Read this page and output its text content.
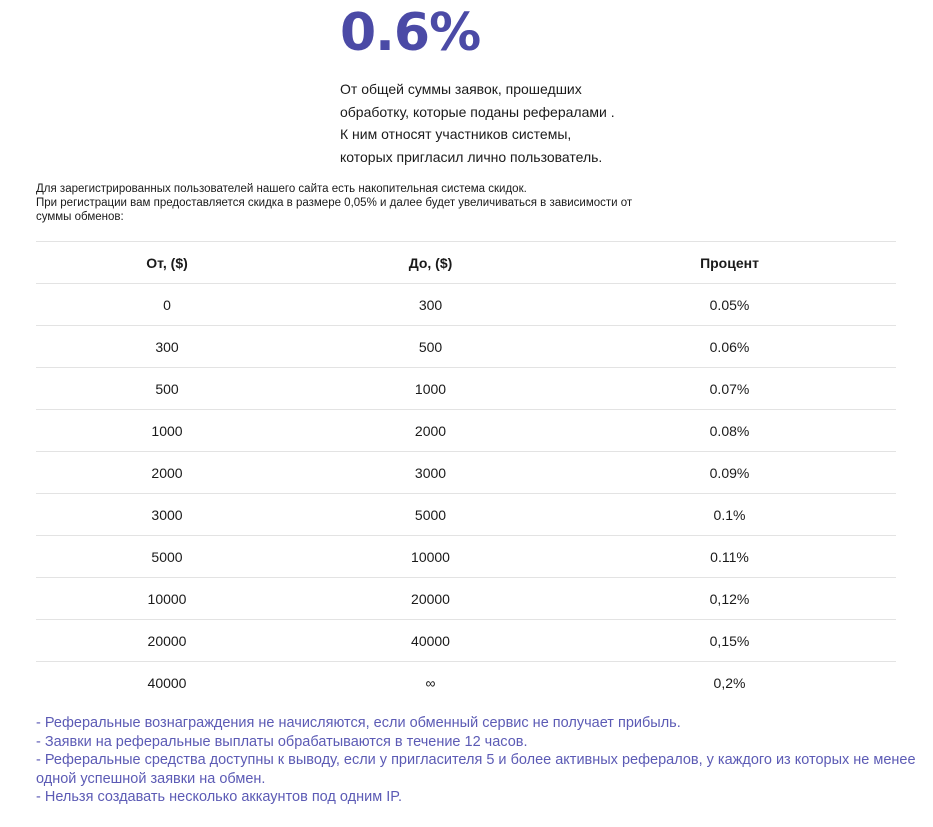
0.6%
От общей суммы заявок, прошедших
обработку, которые поданы рефералами .
К ним относят участников системы,
которых пригласил лично пользователь.
Для зарегистрированных пользователей нашего сайта есть накопительная система скидок.
При регистрации вам предоставляется скидка в размере 0,05% и далее будет увеличиваться в зависимости от
суммы обменов:
От, ($)	До, ($)	Процент
0	300	0.05%
300	500	0.06%
500	1000	0.07%
1000	2000	0.08%
2000	3000	0.09%
3000	5000	0.1%
5000	10000	0.11%
10000	20000	0,12%
20000	40000	0,15%
40000	∞	0,2%
- Реферальные вознаграждения не начисляются, если обменный сервис не получает прибыль.
- Заявки на реферальные выплаты обрабатываются в течение 12 часов.
- Реферальные средства доступны к выводу, если у пригласителя 5 и более активных рефералов, у каждого из которых не менее одной успешной заявки на обмен.
- Нельзя создавать несколько аккаунтов под одним IP.
